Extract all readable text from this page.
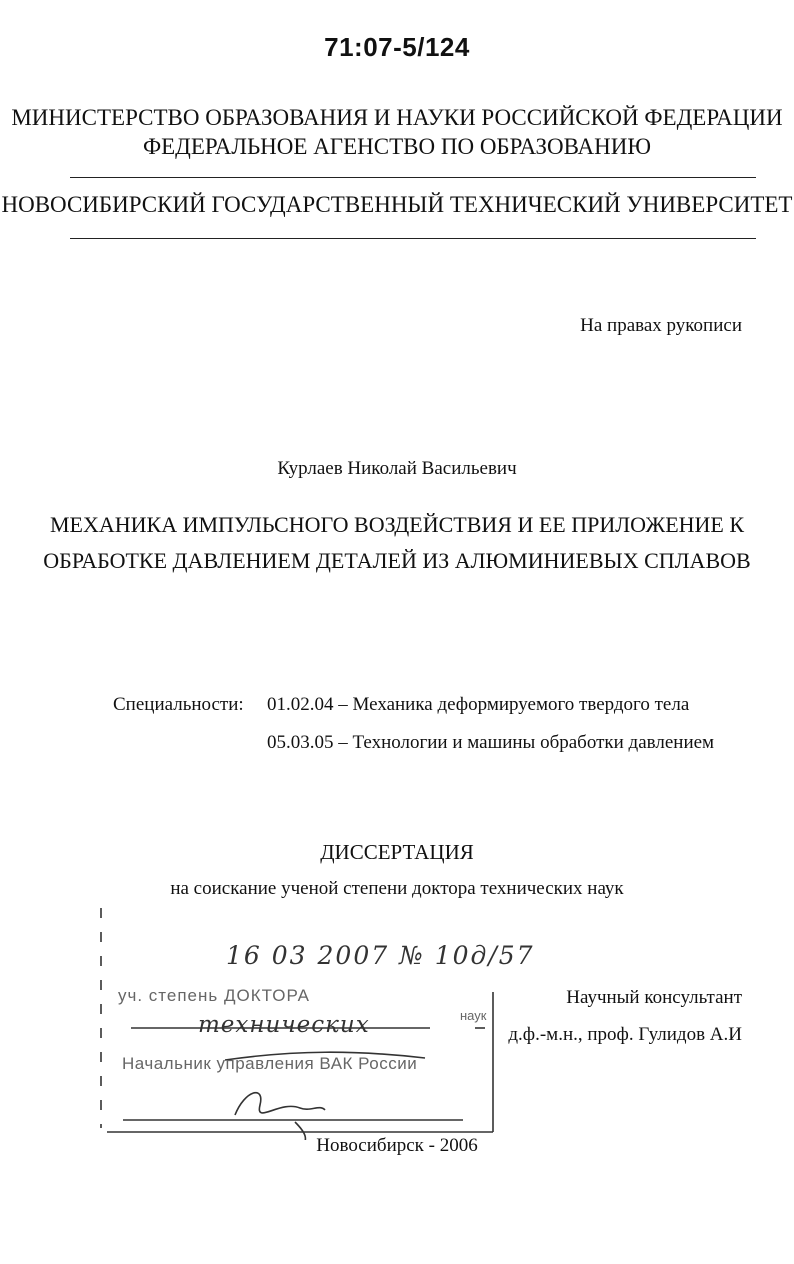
71:07-5/124
МИНИСТЕРСТВО ОБРАЗОВАНИЯ И НАУКИ РОССИЙСКОЙ ФЕДЕРАЦИИ
ФЕДЕРАЛЬНОЕ АГЕНСТВО ПО ОБРАЗОВАНИЮ
НОВОСИБИРСКИЙ ГОСУДАРСТВЕННЫЙ ТЕХНИЧЕСКИЙ УНИВЕРСИТЕТ
На правах рукописи
Курлаев Николай Васильевич
МЕХАНИКА ИМПУЛЬСНОГО ВОЗДЕЙСТВИЯ И ЕЕ ПРИЛОЖЕНИЕ К
ОБРАБОТКЕ ДАВЛЕНИЕМ ДЕТАЛЕЙ ИЗ АЛЮМИНИЕВЫХ СПЛАВОВ
Специальности: 01.02.04 – Механика деформируемого твердого тела
05.03.05 – Технологии и машины обработки давлением
ДИССЕРТАЦИЯ
на соискание ученой степени доктора технических наук
16 03 2007 № 10д/57
уч. степень ДОКТОРА
технических	наук
Начальник управления ВАК России
Научный консультант
д.ф.-м.н., проф. Гулидов А.И
Новосибирск - 2006
